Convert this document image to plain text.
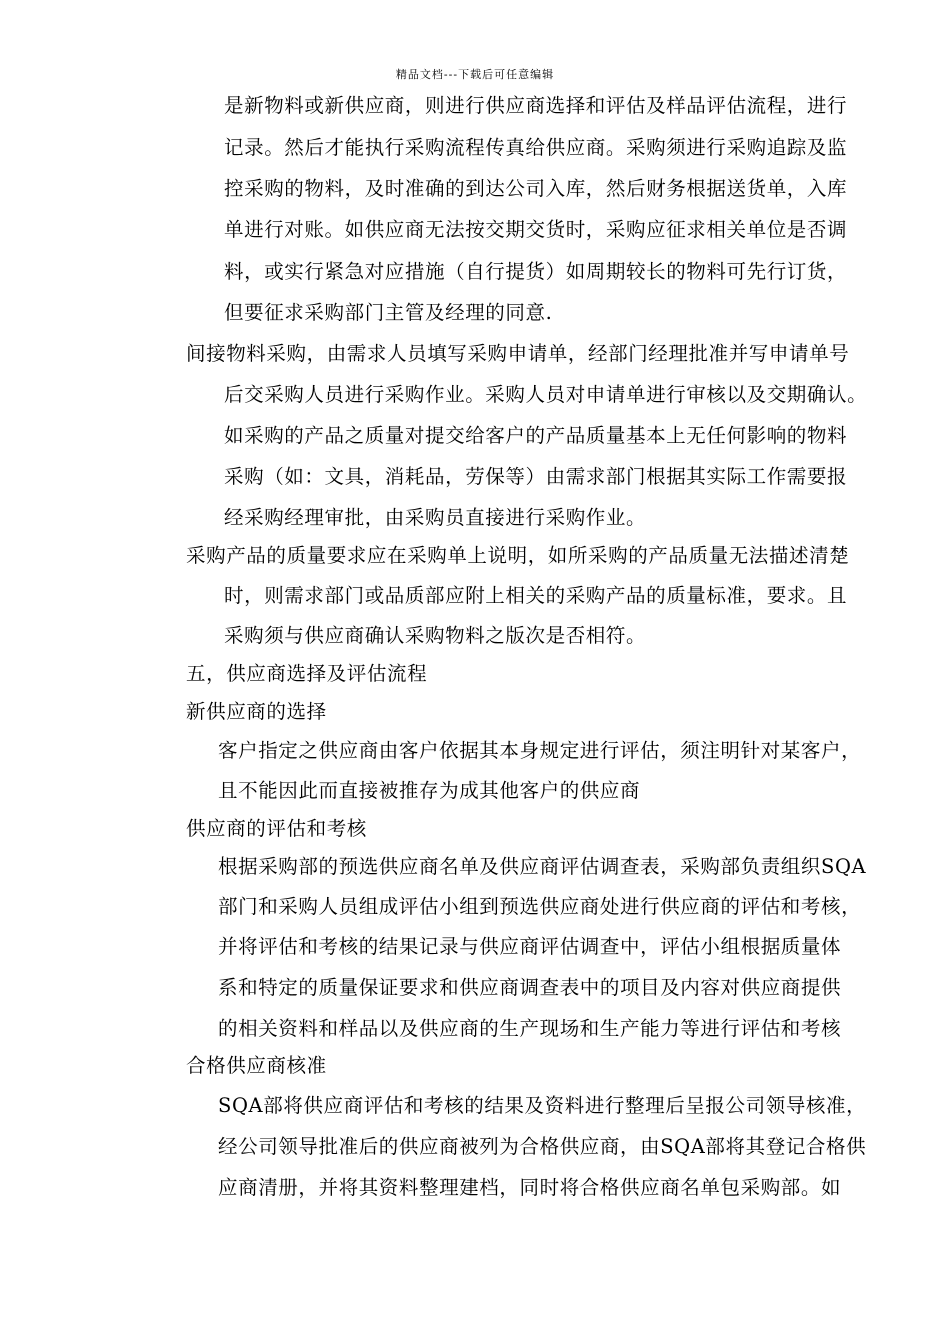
精品文档---下载后可任意编辑
是新物料或新供应商，则进行供应商选择和评估及样品评估流程，进行
记录。然后才能执行采购流程传真给供应商。采购须进行采购追踪及监
控采购的物料，及时准确的到达公司入库，然后财务根据送货单，入库
单进行对账。如供应商无法按交期交货时，采购应征求相关单位是否调
料，或实行紧急对应措施（自行提货）如周期较长的物料可先行订货，
但要征求采购部门主管及经理的同意.
间接物料采购，由需求人员填写采购申请单，经部门经理批准并写申请单号
后交采购人员进行采购作业。采购人员对申请单进行审核以及交期确认。
如采购的产品之质量对提交给客户的产品质量基本上无任何影响的物料
采购（如：文具，消耗品，劳保等）由需求部门根据其实际工作需要报
经采购经理审批，由采购员直接进行采购作业。
采购产品的质量要求应在采购单上说明，如所采购的产品质量无法描述清楚
时，则需求部门或品质部应附上相关的采购产品的质量标准，要求。且
采购须与供应商确认采购物料之版次是否相符。
五，供应商选择及评估流程
新供应商的选择
客户指定之供应商由客户依据其本身规定进行评估，须注明针对某客户，
且不能因此而直接被推存为成其他客户的供应商
供应商的评估和考核
根据采购部的预选供应商名单及供应商评估调查表，采购部负责组织SQA
部门和采购人员组成评估小组到预选供应商处进行供应商的评估和考核，
并将评估和考核的结果记录与供应商评估调查中，评估小组根据质量体
系和特定的质量保证要求和供应商调查表中的项目及内容对供应商提供
的相关资料和样品以及供应商的生产现场和生产能力等进行评估和考核
合格供应商核准
SQA部将供应商评估和考核的结果及资料进行整理后呈报公司领导核准，
经公司领导批准后的供应商被列为合格供应商，由SQA部将其登记合格供
应商清册，并将其资料整理建档，同时将合格供应商名单包采购部。如
